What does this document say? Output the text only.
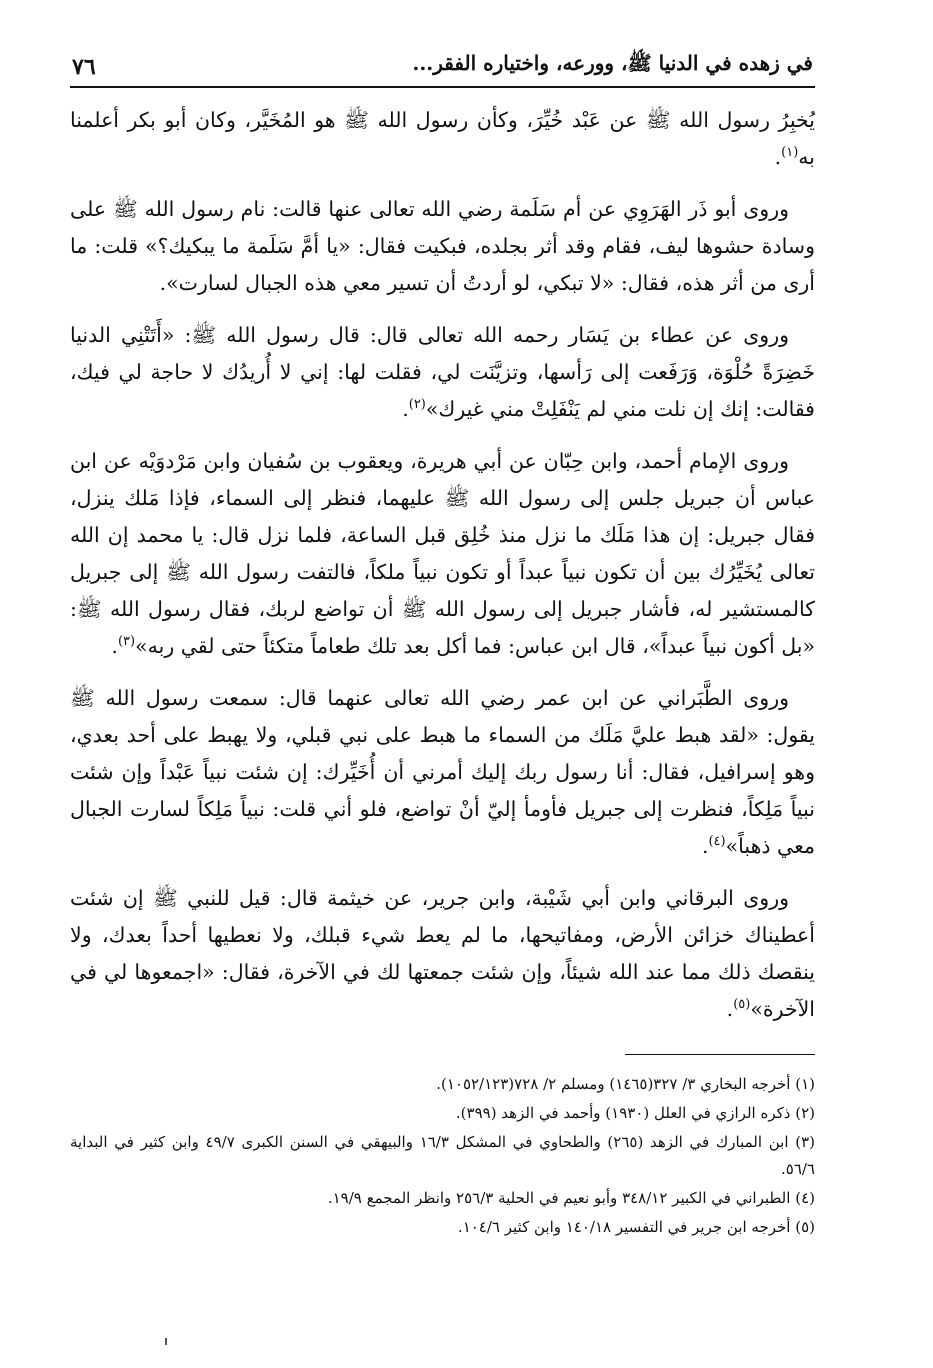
في زهده في الدنيا ﷺ، وورعه، واختياره الفقر...
٧٦

يُخبِرُ رسول الله ﷺ عن عَبْد خُيِّرَ، وكأن رسول الله ﷺ هو المُخَيَّر، وكان أبو بكر أعلمنا به$^{(١)}$.

وروى أبو ذَر الهَرَوِي عن أم سَلَمة رضي الله تعالى عنها قالت: نام رسول الله ﷺ على وسادة حشوها ليف، فقام وقد أثر بجلده، فبكيت فقال: «يا أمَّ سَلَمة ما يبكيك؟» قلت: ما أرى من أثر هذه، فقال: «لا تبكي، لو أردتُ أن تسير معي هذه الجبال لسارت».

وروى عن عطاء بن يَسَار رحمه الله تعالى قال: قال رسول الله ﷺ: «أَتَتْنِي الدنيا خَضِرَةً حُلْوَة، وَرَفَعت إلى رَأسها، وتزيَّنَت لي، فقلت لها: إني لا أُريدُك لا حاجة لي فيك، فقالت: إنك إن نلت مني لم يَنْفَلِتْ مني غيرك»$^{(٢)}$.

وروى الإمام أحمد، وابن حِبّان عن أبي هريرة، ويعقوب بن سُفيان وابن مَرْدوَيْه عن ابن عباس أن جبريل جلس إلى رسول الله ﷺ عليهما، فنظر إلى السماء، فإذا مَلك ينزل، فقال جبريل: إن هذا مَلَك ما نزل منذ خُلِق قبل الساعة، فلما نزل قال: يا محمد إن الله تعالى يُخَيِّرُك بين أن تكون نبياً عبداً أو تكون نبياً ملكاً، فالتفت رسول الله ﷺ إلى جبريل كالمستشير له، فأشار جبريل إلى رسول الله ﷺ أن تواضع لربك، فقال رسول الله ﷺ: «بل أكون نبياً عبداً»، قال ابن عباس: فما أكل بعد تلك طعاماً متكئاً حتى لقي ربه»$^{(٣)}$.

وروى الطَّبَراني عن ابن عمر رضي الله تعالى عنهما قال: سمعت رسول الله ﷺ يقول: «لقد هبط عليَّ مَلَك من السماء ما هبط على نبي قبلي، ولا يهبط على أحد بعدي، وهو إسرافيل، فقال: أنا رسول ربك إليك أمرني أن أُخَيِّرك: إن شئت نبياً عَبْداً وإن شئت نبياً مَلِكاً، فنظرت إلى جبريل فأومأ إليّ أنْ تواضع، فلو أني قلت: نبياً مَلِكاً لسارت الجبال معي ذهباً»$^{(٤)}$.

وروى البرقاني وابن أبي شَيْبة، وابن جرير، عن خيثمة قال: قيل للنبي ﷺ إن شئت أعطيناك خزائن الأرض، ومفاتيحها، ما لم يعط شيء قبلك، ولا نعطيها أحداً بعدك، ولا ينقصك ذلك مما عند الله شيئاً، وإن شئت جمعتها لك في الآخرة، فقال: «اجمعوها لي في الآخرة»$^{(٥)}$.

(١) أخرجه البخاري ٣/ ٣٢٧(١٤٦٥) ومسلم ٢/ ٧٢٨(١٠٥٢/١٢٣).

(٢) ذكره الرازي في العلل (١٩٣٠) وأحمد في الزهد (٣٩٩).

(٣) ابن المبارك في الزهد (٢٦٥) والطحاوي في المشكل ١٦/٣ والبيهقي في السنن الكبرى ٤٩/٧ وابن كثير في البداية ٥٦/٦.

(٤) الطبراني في الكبير ٣٤٨/١٢ وأبو نعيم في الحلية ٢٥٦/٣ وانظر المجمع ١٩/٩.

(٥) أخرجه ابن جرير في التفسير ١٤٠/١٨ وابن كثير ١٠٤/٦.
